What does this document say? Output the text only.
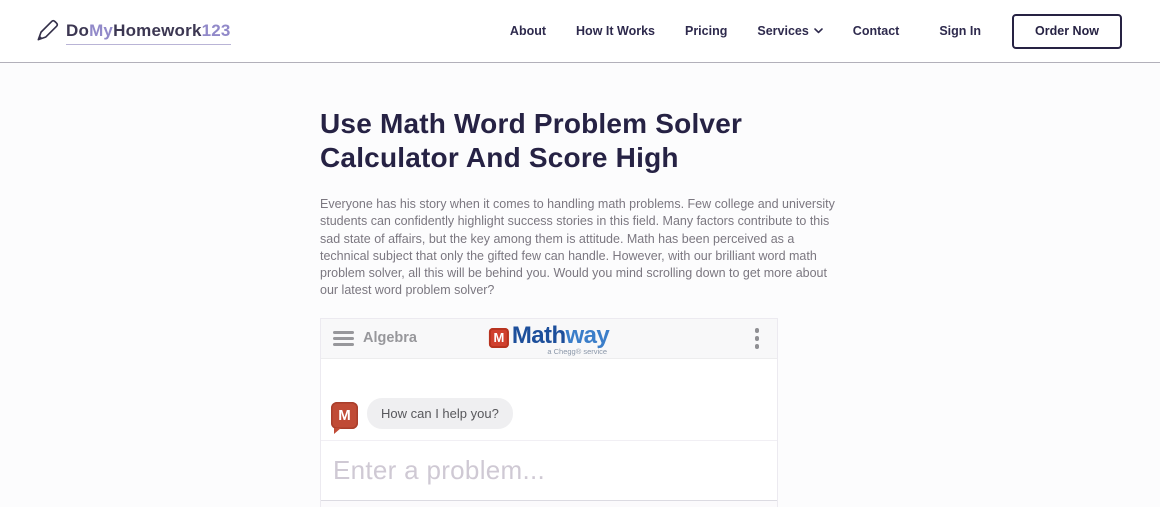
DoMyHomework123	About How It Works Pricing Services	Contact	Sign In	Order Now
Use Math Word Problem Solver
Calculator And Score High

Everyone has his story when it comes to handling math problems. Few college and university students can confidently highlight success stories in this field. Many factors contribute to this sad state of affairs, but the key among them is attitude. Math has been perceived as a technical subject that only the gifted few can handle. However, with our brilliant word math problem solver, all this will be behind you. Would you mind scrolling down to get more about our latest word problem solver?

Algebra	M Mathway
a Chegg® service
M	How can I help you?
Enter a problem...
